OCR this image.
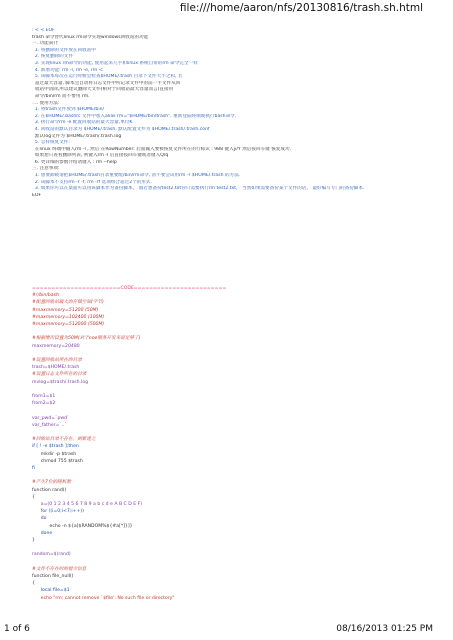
file:///home/aaron/nfs/20130816/trash.sh.html
: < < EOF
trash 命令替代linux rm命令实现windows回收站的功能
一. 功能简介
1. 将删除的文件放在回收站中
2. 恢复删除的文件
3. 实现linux rm命令的功能, 使用起来几乎和linux 系统自带的rm 命令完全一样
4. 新增功能: rm -l, rm -e, rm -c
5. 该脚本每次在运行时候会检查$HOME/.trash 目录下文件大小之和, 若
超过最大容量, 脚本会自动将日志文件中所记录文件中的前一半文件从回
收站中清除,所以建议删除大文件(相对于回收站最大容量而言)直接用
命令/bin/rm 而不要用 rm.
二. 使用方法:
1. 将trash文件放到 $HOME/bin/
2. 在$HOME/.bashrc 文件中加入alias rm="$HOME/bin/trash", 重新登陆终端或执行bash命令.
3. 执行命令rm -e 配置回收站的最大容量,单位K
4. 回收站的默认目录为 $HOME/.trash, 默认配置文件为 $HOME/.trash/.trash.conf
默认log文件为 $HOME/.trash/.trash.log
5. 怎样恢复文件:
在linux 终端中输入rm -l , 然后 在RowNumber: 后面输入要被恢复文件所在的行标识 : 988 键入y/Y 然后按回车键 恢复成功.
如果想只查看删除列表, 则键入rm -l 后直接按回车键或者键入Q/q
6. 更详细的参数介绍请键入 : rm --help
三. 注意事项:
1. 想要卸载请把$HOME/.trash目录重要配/bin/rm命令, 清不要尝试用rm -r $HOME/.trash 的方法.
2. 该脚本不支持rm -r -f, rm -rf 选项组合超过2个的形式.
3. 如果你可以在桌面可以用该脚本作为备份脚本， 假若想备份test2.txt你只需要执行rm test2.txt， 当然如果需要备份某个文件的话， 最好编写专门的备份脚本.
EOF
=======================CODE========================
#!/bin/bash
#配置回收站最大的存储空间(字节)
#maxmemory=51200 (50M)
#maxmemory=102400 (100M)
#maxmemory=512000 (500M)
#根据情况设置为50M(对于noe服务开发来说足够了)
maxmemory=20480
#设置回收站所在的目录
trash=$HOME/.trash
#设置日志文件所在的目录
mvlog=$trash/.trash.log
from1=$1
from2=$2
var_pwd=`pwd`
var_father=`..`
#回收站目录不存在，则新建之
if [ ! -e $trash ];then
mkdir -p $trash
chmod 755 $trash
fi
#产生7位的随机数
function rand()
{
a=(0 1 2 3 4 5 6 7 8 9 a b c d e A B C D E F)
for ((i=0;i<7;i++))
do
echo -n ${a[$RANDOM%${#a[*]}]}
done
}
random=$(rand)
#文件不存在时的提示信息
function file_null()
{
local file=$1
echo "rm: cannot remove `$file': No such file or directory"
1 of 6	08/16/2013 01:25 PM
